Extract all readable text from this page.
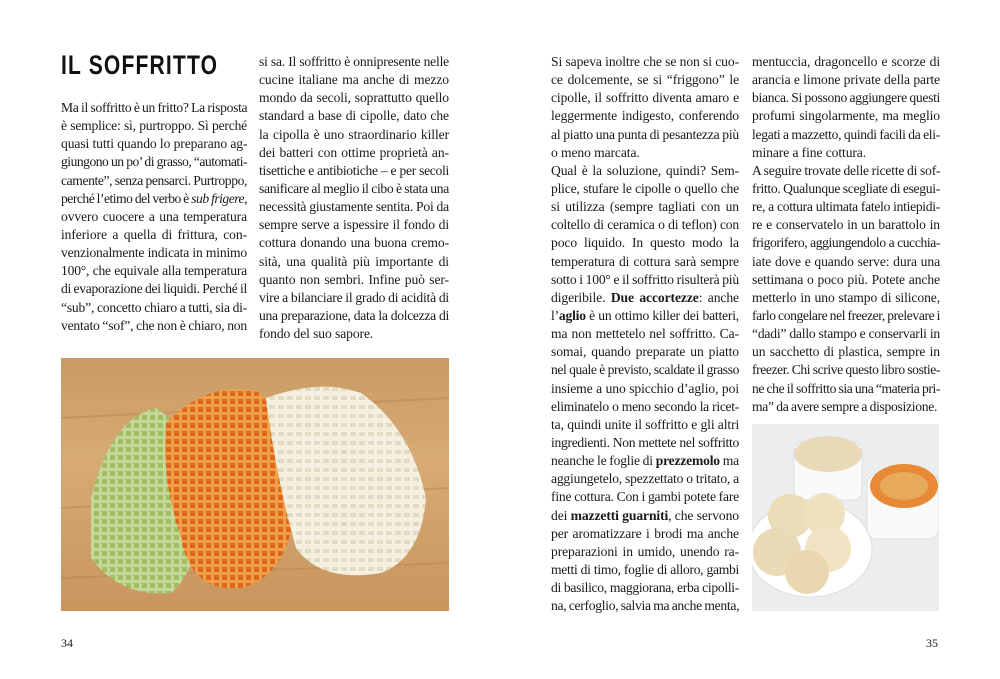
IL SOFFRITTO
Ma il soffritto è un fritto? La risposta
è semplice: sì, purtroppo. Sì perché
quasi tutti quando lo preparano ag-
giungono un po’ di grasso, “automati-
camente”, senza pensarci. Purtroppo,
perché l’etimo del verbo è sub frigere,
ovvero cuocere a una temperatura
inferiore a quella di frittura, con-
venzionalmente indicata in minimo
100°, che equivale alla temperatura
di evaporazione dei liquidi. Perché il
“sub”, concetto chiaro a tutti, sia di-
ventato “sof”, che non è chiaro, non
si sa. Il soffritto è onnipresente nelle
cucine italiane ma anche di mezzo
mondo da secoli, soprattutto quello
standard a base di cipolle, dato che
la cipolla è uno straordinario killer
dei batteri con ottime proprietà an-
tisettiche e antibiotiche – e per secoli
sanificare al meglio il cibo è stata una
necessità giustamente sentita. Poi da
sempre serve a ispessire il fondo di
cottura donando una buona cremo-
sità, una qualità più importante di
quanto non sembri. Infine può ser-
vire a bilanciare il grado di acidità di
una preparazione, data la dolcezza di
fondo del suo sapore.
Si sapeva inoltre che se non si cuo-
ce dolcemente, se si “friggono” le
cipolle, il soffritto diventa amaro e
leggermente indigesto, conferendo
al piatto una punta di pesantezza più
o meno marcata.
Qual è la soluzione, quindi? Sem-
plice, stufare le cipolle o quello che
si utilizza (sempre tagliati con un
coltello di ceramica o di teflon) con
poco liquido. In questo modo la
temperatura di cottura sarà sempre
sotto i 100° e il soffritto risulterà più
digeribile. Due accortezze: anche
l’aglio è un ottimo killer dei batteri,
ma non mettetelo nel soffritto. Ca-
somai, quando preparate un piatto
nel quale è previsto, scaldate il grasso
insieme a uno spicchio d’aglio, poi
eliminatelo o meno secondo la ricet-
ta, quindi unite il soffritto e gli altri
ingredienti. Non mettete nel soffritto
neanche le foglie di prezzemolo ma
aggiungetelo, spezzettato o tritato, a
fine cottura. Con i gambi potete fare
dei mazzetti guarniti, che servono
per aromatizzare i brodi ma anche
preparazioni in umido, unendo ra-
metti di timo, foglie di alloro, gambi
di basilico, maggiorana, erba cipolli-
na, cerfoglio, salvia ma anche menta,
mentuccia, dragoncello e scorze di
arancia e limone private della parte
bianca. Si possono aggiungere questi
profumi singolarmente, ma meglio
legati a mazzetto, quindi facili da eli-
minare a fine cottura.
A seguire trovate delle ricette di sof-
fritto. Qualunque scegliate di esegui-
re, a cottura ultimata fatelo intiepidi-
re e conservatelo in un barattolo in
frigorifero, aggiungendolo a cucchia-
iate dove e quando serve: dura una
settimana o poco più. Potete anche
metterlo in uno stampo di silicone,
farlo congelare nel freezer, prelevare i
“dadi” dallo stampo e conservarli in
un sacchetto di plastica, sempre in
freezer. Chi scrive questo libro sostie-
ne che il soffritto sia una “materia pri-
ma” da avere sempre a disposizione.
34	35
